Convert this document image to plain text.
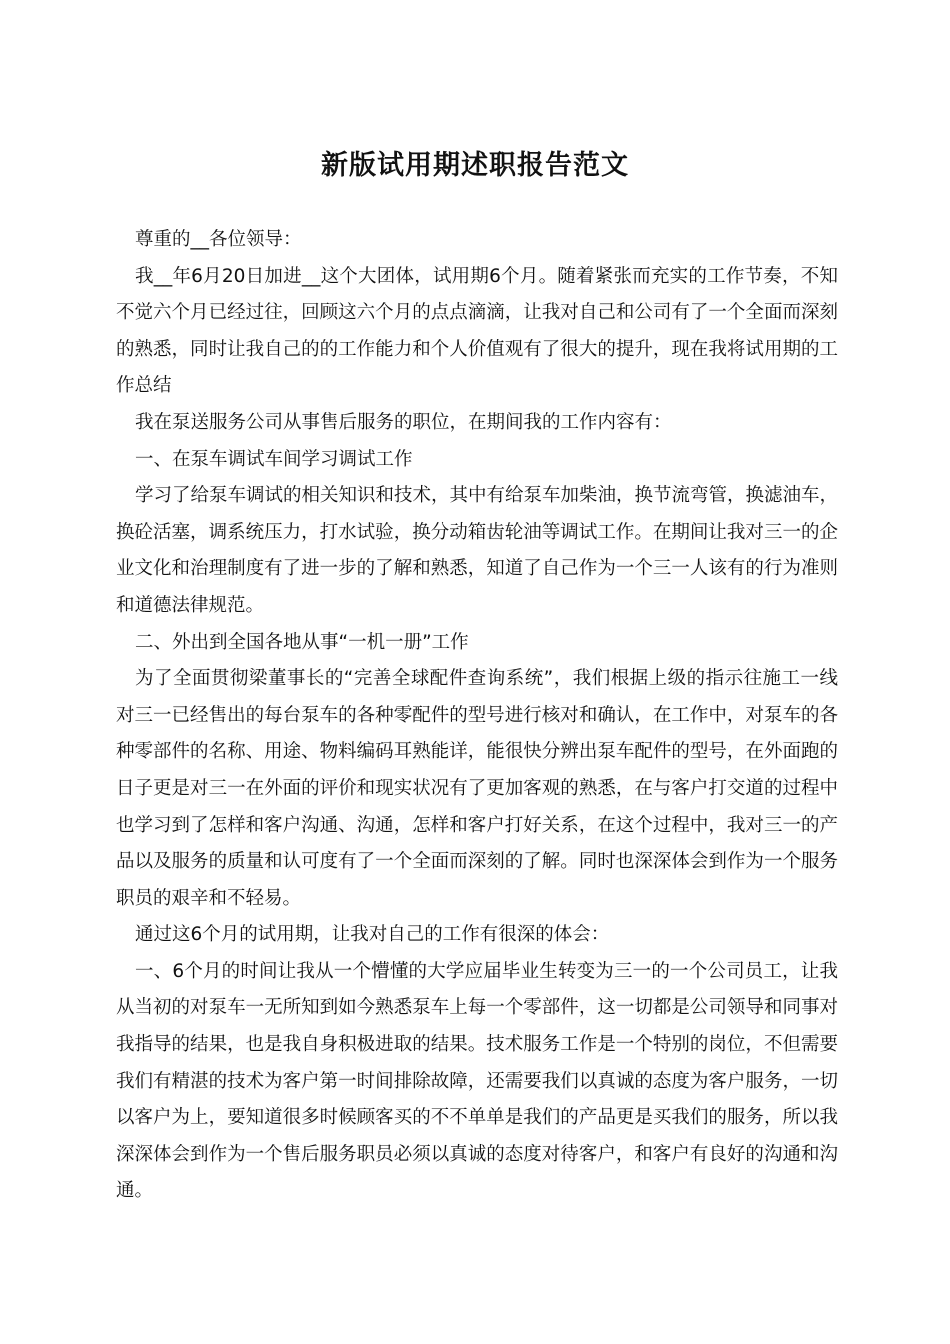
新版试用期述职报告范文

尊重的__各位领导：

我__年6月20日加进__这个大团体，试用期6个月。随着紧张而充实的工作节奏，不知不觉六个月已经过往，回顾这六个月的点点滴滴，让我对自己和公司有了一个全面而深刻的熟悉，同时让我自己的的工作能力和个人价值观有了很大的提升，现在我将试用期的工作总结

我在泵送服务公司从事售后服务的职位，在期间我的工作内容有：

一、在泵车调试车间学习调试工作

学习了给泵车调试的相关知识和技术，其中有给泵车加柴油，换节流弯管，换滤油车，换砼活塞，调系统压力，打水试验，换分动箱齿轮油等调试工作。在期间让我对三一的企业文化和治理制度有了进一步的了解和熟悉，知道了自己作为一个三一人该有的行为准则和道德法律规范。

二、外出到全国各地从事“一机一册”工作

为了全面贯彻梁董事长的“完善全球配件查询系统”，我们根据上级的指示往施工一线对三一已经售出的每台泵车的各种零配件的型号进行核对和确认，在工作中，对泵车的各种零部件的名称、用途、物料编码耳熟能详，能很快分辨出泵车配件的型号，在外面跑的日子更是对三一在外面的评价和现实状况有了更加客观的熟悉，在与客户打交道的过程中也学习到了怎样和客户沟通、沟通，怎样和客户打好关系，在这个过程中，我对三一的产品以及服务的质量和认可度有了一个全面而深刻的了解。同时也深深体会到作为一个服务职员的艰辛和不轻易。

通过这6个月的试用期，让我对自己的工作有很深的体会：

一、6个月的时间让我从一个懵懂的大学应届毕业生转变为三一的一个公司员工，让我从当初的对泵车一无所知到如今熟悉泵车上每一个零部件，这一切都是公司领导和同事对我指导的结果，也是我自身积极进取的结果。技术服务工作是一个特别的岗位，不但需要我们有精湛的技术为客户第一时间排除故障，还需要我们以真诚的态度为客户服务，一切以客户为上，要知道很多时候顾客买的不不单单是我们的产品更是买我们的服务，所以我深深体会到作为一个售后服务职员必须以真诚的态度对待客户，和客户有良好的沟通和沟通。
